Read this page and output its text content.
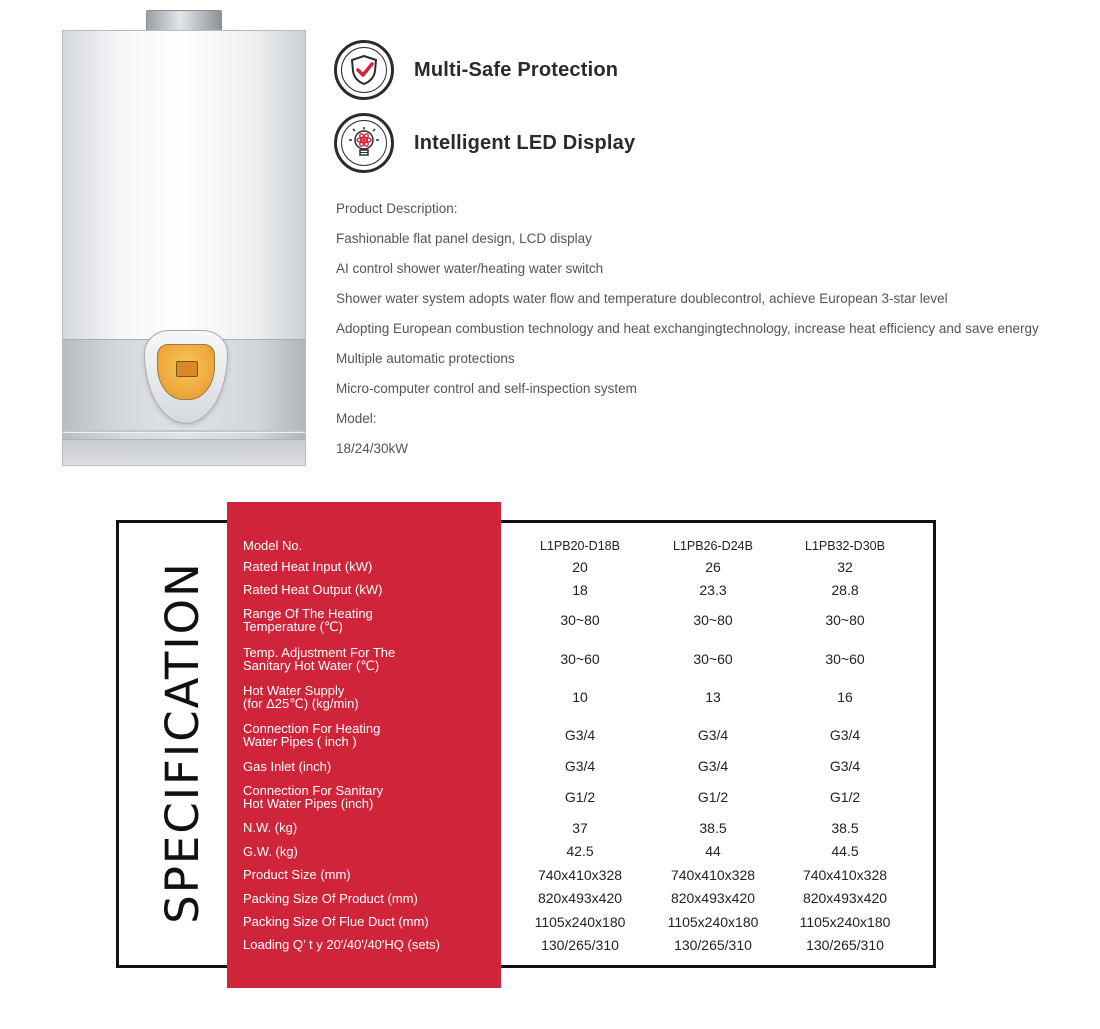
Multi-Safe Protection
Intelligent LED Display
Product Description:
Fashionable flat panel design, LCD display
AI control shower water/heating water switch
Shower water system adopts water flow and temperature doublecontrol, achieve European 3-star level
Adopting European combustion technology and heat exchangingtechnology, increase heat efficiency and save energy
Multiple automatic protections
Micro-computer control and self-inspection system
Model:
18/24/30kW
SPECIFICATION
Model No.	L1PB20-D18B	L1PB26-D24B	L1PB32-D30B
Rated Heat Input (kW)	20	26	32
Rated Heat Output (kW)	18	23.3	28.8
Range Of The Heating
Temperature (℃)	30~80	30~80	30~80
Temp. Adjustment For The
Sanitary Hot Water (℃)	30~60	30~60	30~60
Hot Water Supply
(for Δ25℃) (kg/min)	10	13	16
Connection For Heating
Water Pipes ( inch )	G3/4	G3/4	G3/4
Gas Inlet (inch)	G3/4	G3/4	G3/4
Connection For Sanitary
Hot Water Pipes (inch)	G1/2	G1/2	G1/2
N.W. (kg)	37	38.5	38.5
G.W. (kg)	42.5	44	44.5
Product Size (mm)	740x410x328	740x410x328	740x410x328
Packing Size Of Product (mm)	820x493x420	820x493x420	820x493x420
Packing Size Of Flue Duct (mm)	1105x240x180	1105x240x180	1105x240x180
Loading Q’ t y 20'/40'/40'HQ (sets)	130/265/310	130/265/310	130/265/310
